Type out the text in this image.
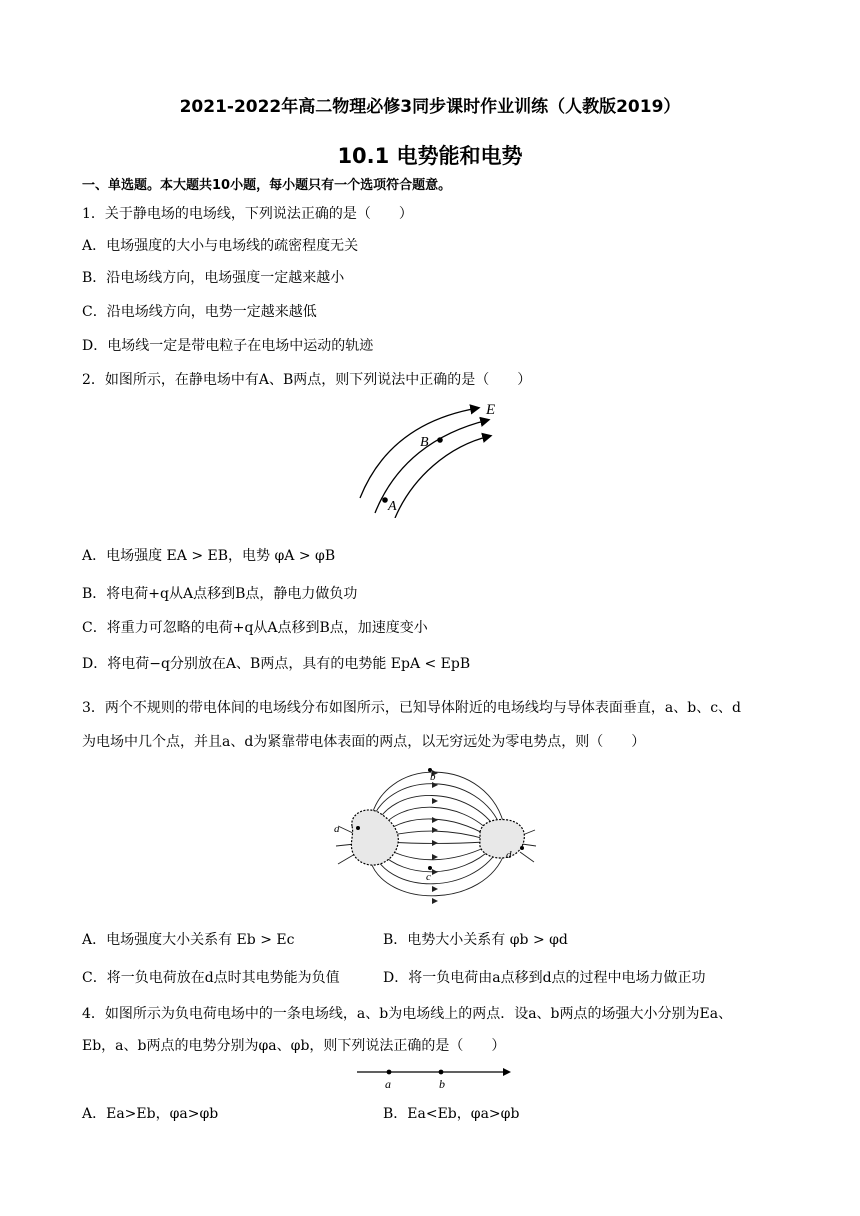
2021-2022年高二物理必修3同步课时作业训练（人教版2019）
10.1 电势能和电势
一、单选题。本大题共10小题，每小题只有一个选项符合题意。
1．关于静电场的电场线，下列说法正确的是（　　）
A．电场强度的大小与电场线的疏密程度无关
B．沿电场线方向，电场强度一定越来越小
C．沿电场线方向，电势一定越来越低
D．电场线一定是带电粒子在电场中运动的轨迹
2．如图所示，在静电场中有A、B两点，则下列说法中正确的是（　　）
E
B
A
A．电场强度 EA > EB，电势 φA > φB
B．将电荷+q从A点移到B点，静电力做负功
C．将重力可忽略的电荷+q从A点移到B点，加速度变小
D．将电荷−q分别放在A、B两点，具有的电势能 EpA < EpB
3．两个不规则的带电体间的电场线分布如图所示，已知导体附近的电场线均与导体表面垂直，a、b、c、d
为电场中几个点，并且a、d为紧靠带电体表面的两点，以无穷远处为零电势点，则（　　）
b
a
c
d
A．电场强度大小关系有 Eb > Ec	B．电势大小关系有 φb > φd
C．将一负电荷放在d点时其电势能为负值	D．将一负电荷由a点移到d点的过程中电场力做正功
4．如图所示为负电荷电场中的一条电场线，a、b为电场线上的两点．设a、b两点的场强大小分别为Ea、
Eb，a、b两点的电势分别为φa、φb，则下列说法正确的是（　　）
a	b
A．Ea>Eb，φa>φb	B．Ea<Eb，φa>φb
